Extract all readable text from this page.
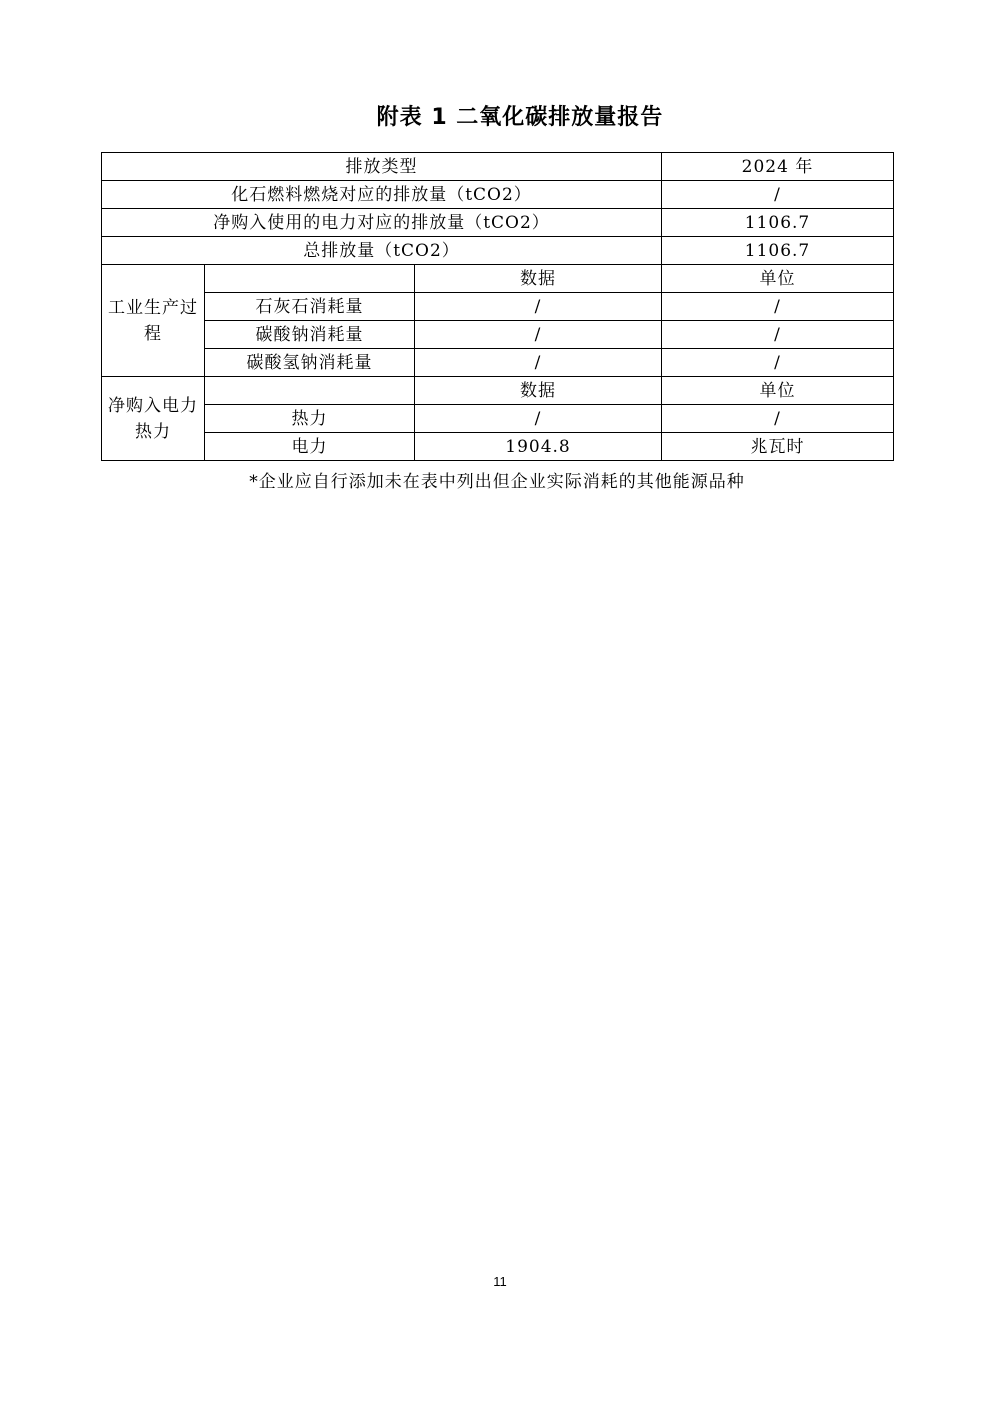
附表 1 二氧化碳排放量报告
排放类型			2024 年
化石燃料燃烧对应的排放量（tCO2）			/
净购入使用的电力对应的排放量（tCO2）			1106.7
总排放量（tCO2）			1106.7
工业生产过程		数据	单位
	石灰石消耗量	/	/
	碳酸钠消耗量	/	/
	碳酸氢钠消耗量	/	/
净购入电力热力		数据	单位
	热力	/	/
	电力	1904.8	兆瓦时
*企业应自行添加未在表中列出但企业实际消耗的其他能源品种
11
